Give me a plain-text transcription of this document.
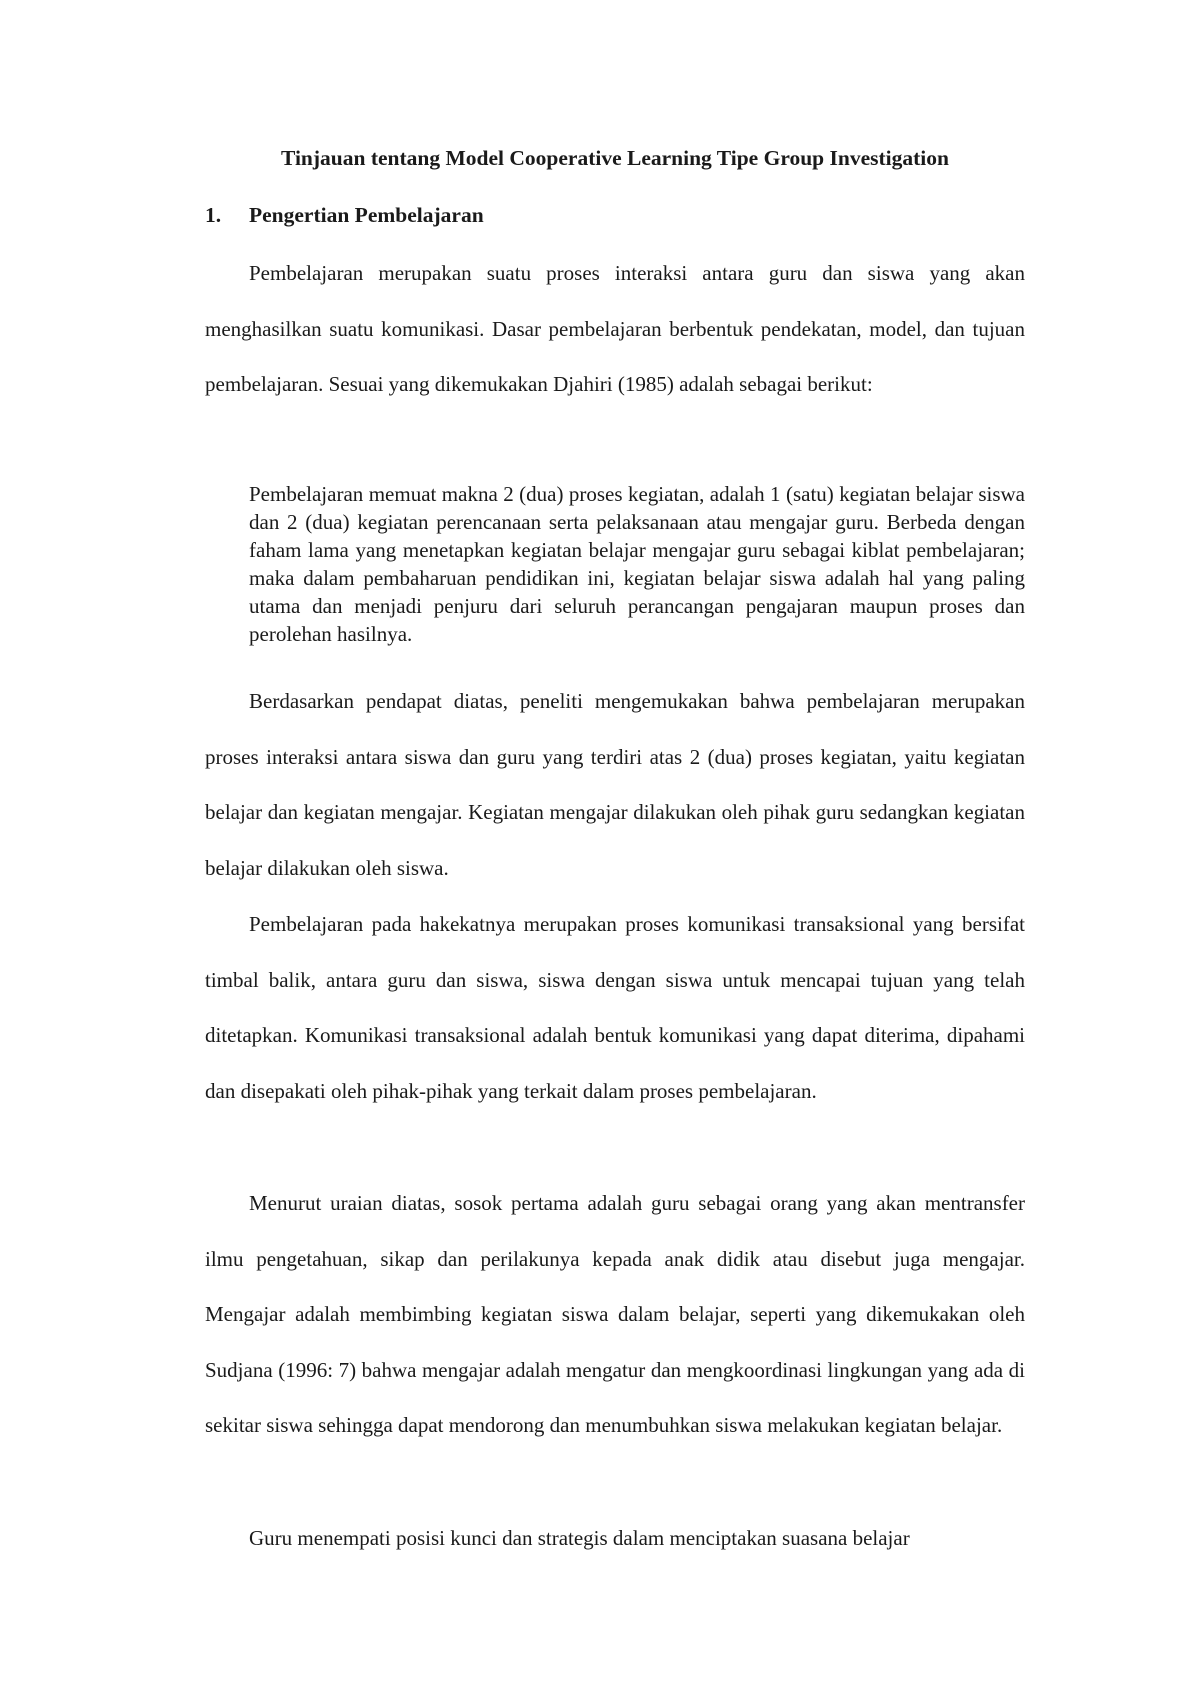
Tinjauan tentang Model Cooperative Learning Tipe Group Investigation
1. Pengertian Pembelajaran

Pembelajaran merupakan suatu proses interaksi antara guru dan siswa yang akan menghasilkan suatu komunikasi. Dasar pembelajaran berbentuk pendekatan, model, dan tujuan pembelajaran. Sesuai yang dikemukakan Djahiri (1985) adalah sebagai berikut:

Pembelajaran memuat makna 2 (dua) proses kegiatan, adalah 1 (satu) kegiatan belajar siswa dan 2 (dua) kegiatan perencanaan serta pelaksanaan atau mengajar guru. Berbeda dengan faham lama yang menetapkan kegiatan belajar mengajar guru sebagai kiblat pembelajaran; maka dalam pembaharuan pendidikan ini, kegiatan belajar siswa adalah hal yang paling utama dan menjadi penjuru dari seluruh perancangan pengajaran maupun proses dan perolehan hasilnya.

Berdasarkan pendapat diatas, peneliti mengemukakan bahwa pembelajaran merupakan proses interaksi antara siswa dan guru yang terdiri atas 2 (dua) proses kegiatan, yaitu kegiatan belajar dan kegiatan mengajar. Kegiatan mengajar dilakukan oleh pihak guru sedangkan kegiatan belajar dilakukan oleh siswa.

Pembelajaran pada hakekatnya merupakan proses komunikasi transaksional yang bersifat timbal balik, antara guru dan siswa, siswa dengan siswa untuk mencapai tujuan yang telah ditetapkan. Komunikasi transaksional adalah bentuk komunikasi yang dapat diterima, dipahami dan disepakati oleh pihak-pihak yang terkait dalam proses pembelajaran.

Menurut uraian diatas, sosok pertama adalah guru sebagai orang yang akan mentransfer ilmu pengetahuan, sikap dan perilakunya kepada anak didik atau disebut juga mengajar. Mengajar adalah membimbing kegiatan siswa dalam belajar, seperti yang dikemukakan oleh Sudjana (1996: 7) bahwa mengajar adalah mengatur dan mengkoordinasi lingkungan yang ada di sekitar siswa sehingga dapat mendorong dan menumbuhkan siswa melakukan kegiatan belajar.

Guru menempati posisi kunci dan strategis dalam menciptakan suasana belajar
